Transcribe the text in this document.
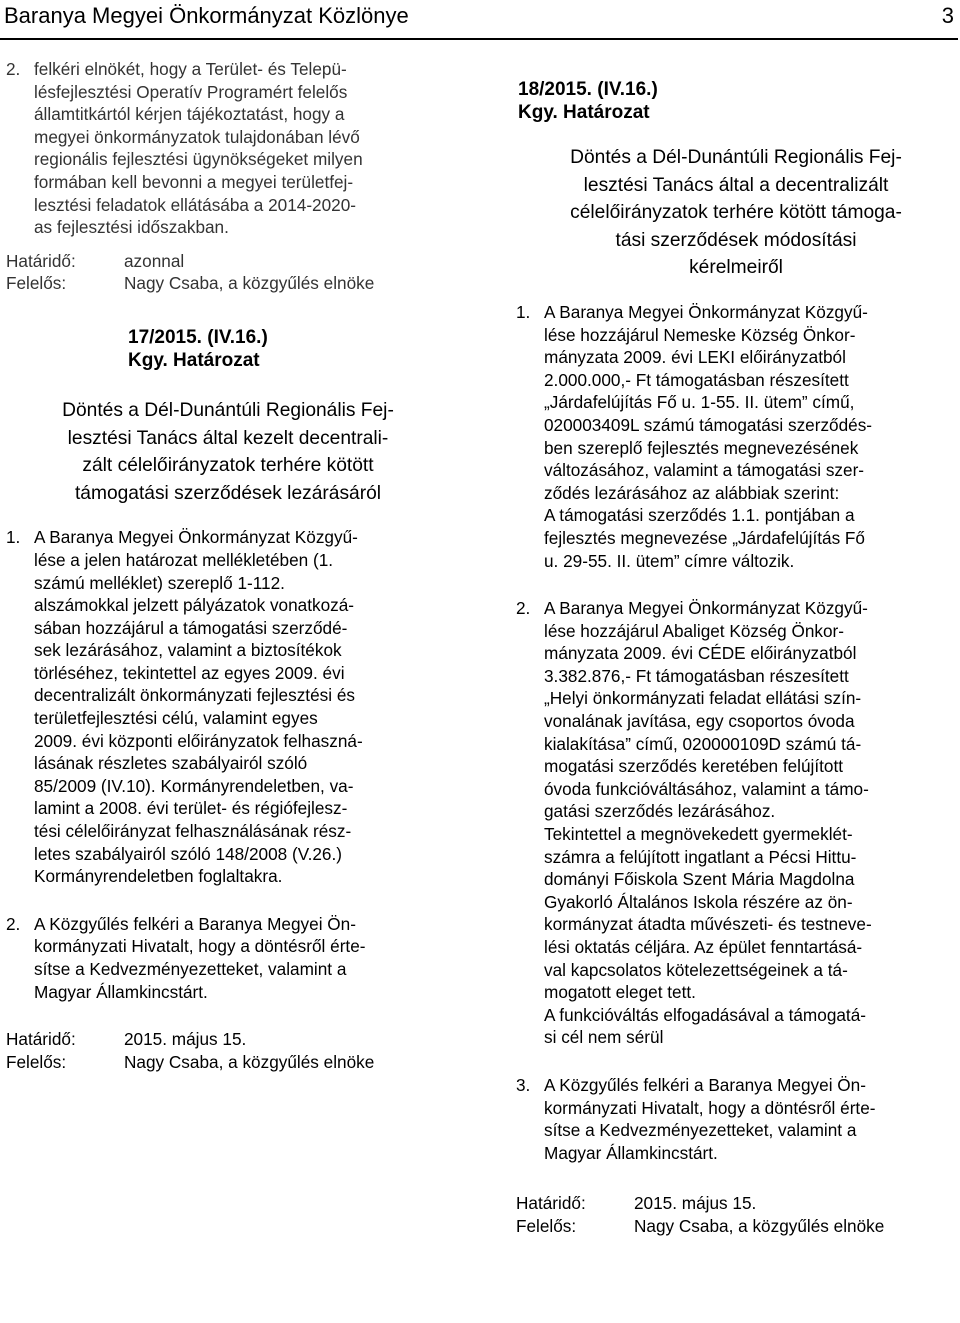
Baranya Megyei Önkormányzat Közlönye	3
2. felkéri elnökét, hogy a Terület- és Telepü-
lésfejlesztési Operatív Programért felelős
államtitkártól kérjen tájékoztatást, hogy a
megyei önkormányzatok tulajdonában lévő
regionális fejlesztési ügynökségeket milyen
formában kell bevonni a megyei területfej-
lesztési feladatok ellátásába a 2014-2020-
as fejlesztési időszakban.
Határidő:	azonnal
Felelős:	Nagy Csaba, a közgyűlés elnöke
17/2015. (IV.16.)
Kgy. Határozat
Döntés a Dél-Dunántúli Regionális Fej-
lesztési Tanács által kezelt decentrali-
zált célelőirányzatok terhére kötött
támogatási szerződések lezárásáról
1. A Baranya Megyei Önkormányzat Közgyű-
lése a jelen határozat mellékletében (1.
számú melléklet) szereplő 1-112.
alszámokkal jelzett pályázatok vonatkozá-
sában hozzájárul a támogatási szerződé-
sek lezárásához, valamint a biztosítékok
törléséhez, tekintettel az egyes 2009. évi
decentralizált önkormányzati fejlesztési és
területfejlesztési célú, valamint egyes
2009. évi központi előirányzatok felhaszná-
lásának részletes szabályairól szóló
85/2009 (IV.10). Kormányrendeletben, va-
lamint a 2008. évi terület- és régiófejlesz-
tési célelőirányzat felhasználásának rész-
letes szabályairól szóló 148/2008 (V.26.)
Kormányrendeletben foglaltakra.
2. A Közgyűlés felkéri a Baranya Megyei Ön-
kormányzati Hivatalt, hogy a döntésről érte-
sítse a Kedvezményezetteket, valamint a
Magyar Államkincstárt.
Határidő:	2015. május 15.
Felelős:	Nagy Csaba, a közgyűlés elnöke
18/2015. (IV.16.)
Kgy. Határozat
Döntés a Dél-Dunántúli Regionális Fej-
lesztési Tanács által a decentralizált
célelőirányzatok terhére kötött támoga-
tási szerződések módosítási
kérelmeiről
1. A Baranya Megyei Önkormányzat Közgyű-
lése hozzájárul Nemeske Község Önkor-
mányzata 2009. évi LEKI előirányzatból
2.000.000,- Ft támogatásban részesített
„Járdafelújítás Fő u. 1-55. II. ütem” című,
020003409L számú támogatási szerződés-
ben szereplő fejlesztés megnevezésének
változásához, valamint a támogatási szer-
ződés lezárásához az alábbiak szerint:
A támogatási szerződés 1.1. pontjában a
fejlesztés megnevezése „Járdafelújítás Fő
u. 29-55. II. ütem” címre változik.
2. A Baranya Megyei Önkormányzat Közgyű-
lése hozzájárul Abaliget Község Önkor-
mányzata 2009. évi CÉDE előirányzatból
3.382.876,- Ft támogatásban részesített
„Helyi önkormányzati feladat ellátási szín-
vonalának javítása, egy csoportos óvoda
kialakítása” című, 020000109D számú tá-
mogatási szerződés keretében felújított
óvoda funkcióváltásához, valamint a támo-
gatási szerződés lezárásához.
Tekintettel a megnövekedett gyermeklét-
számra a felújított ingatlant a Pécsi Hittu-
dományi Főiskola Szent Mária Magdolna
Gyakorló Általános Iskola részére az ön-
kormányzat átadta művészeti- és testneve-
lési oktatás céljára. Az épület fenntartásá-
val kapcsolatos kötelezettségeinek a tá-
mogatott eleget tett.
A funkcióváltás elfogadásával a támogatá-
si cél nem sérül
3. A Közgyűlés felkéri a Baranya Megyei Ön-
kormányzati Hivatalt, hogy a döntésről érte-
sítse a Kedvezményezetteket, valamint a
Magyar Államkincstárt.
Határidő:	2015. május 15.
Felelős:	Nagy Csaba, a közgyűlés elnöke
